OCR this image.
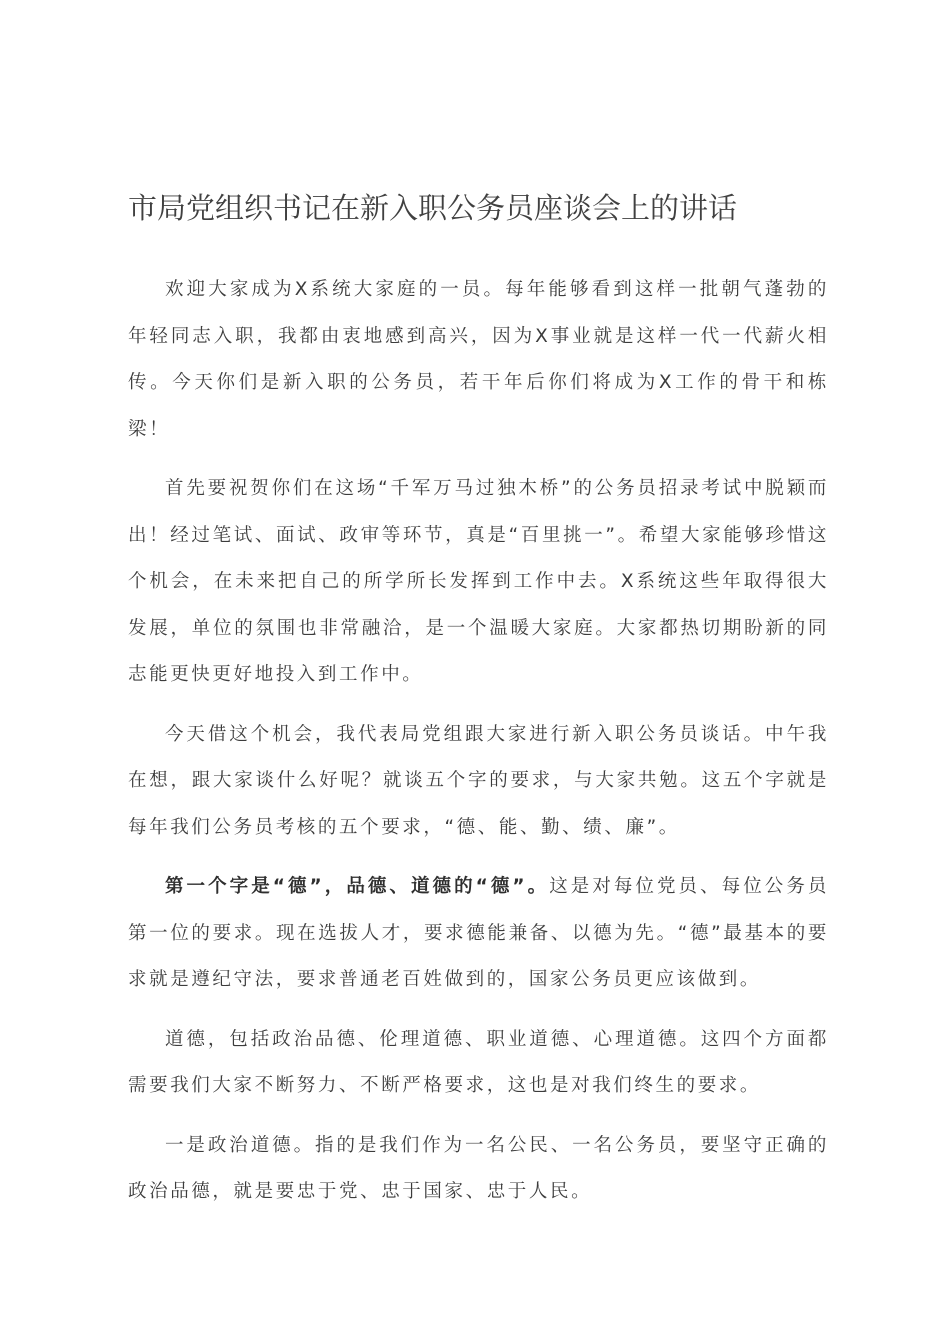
市局党组织书记在新入职公务员座谈会上的讲话

欢迎大家成为X系统大家庭的一员。每年能够看到这样一批朝气蓬勃的年轻同志入职，我都由衷地感到高兴，因为X事业就是这样一代一代薪火相传。今天你们是新入职的公务员，若干年后你们将成为X工作的骨干和栋梁！

首先要祝贺你们在这场“千军万马过独木桥”的公务员招录考试中脱颖而出！经过笔试、面试、政审等环节，真是“百里挑一”。希望大家能够珍惜这个机会，在未来把自己的所学所长发挥到工作中去。X系统这些年取得很大发展，单位的氛围也非常融洽，是一个温暖大家庭。大家都热切期盼新的同志能更快更好地投入到工作中。

今天借这个机会，我代表局党组跟大家进行新入职公务员谈话。中午我在想，跟大家谈什么好呢？就谈五个字的要求，与大家共勉。这五个字就是每年我们公务员考核的五个要求，“德、能、勤、绩、廉”。

第一个字是“德”，品德、道德的“德”。这是对每位党员、每位公务员第一位的要求。现在选拔人才，要求德能兼备、以德为先。“德”最基本的要求就是遵纪守法，要求普通老百姓做到的，国家公务员更应该做到。

道德，包括政治品德、伦理道德、职业道德、心理道德。这四个方面都需要我们大家不断努力、不断严格要求，这也是对我们终生的要求。

一是政治道德。指的是我们作为一名公民、一名公务员，要坚守正确的政治品德，就是要忠于党、忠于国家、忠于人民。
